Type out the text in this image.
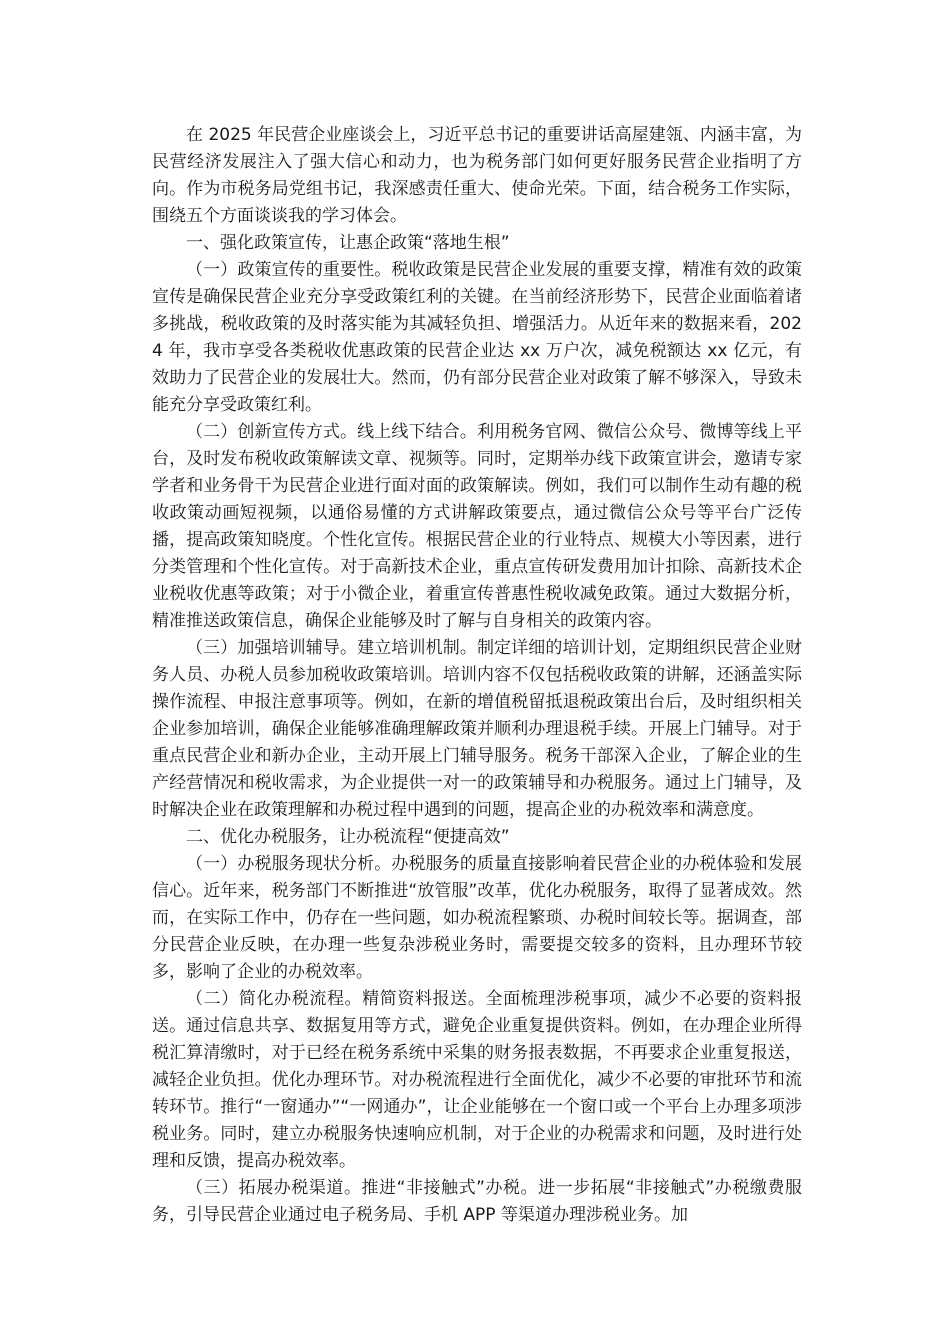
在 2025 年民营企业座谈会上，习近平总书记的重要讲话高屋建瓴、内涵丰富，为民营经济发展注入了强大信心和动力，也为税务部门如何更好服务民营企业指明了方向。作为市税务局党组书记，我深感责任重大、使命光荣。下面，结合税务工作实际，围绕五个方面谈谈我的学习体会。

一、强化政策宣传，让惠企政策“落地生根”

（一）政策宣传的重要性。税收政策是民营企业发展的重要支撑，精准有效的政策宣传是确保民营企业充分享受政策红利的关键。在当前经济形势下，民营企业面临着诸多挑战，税收政策的及时落实能为其减轻负担、增强活力。从近年来的数据来看，2024 年，我市享受各类税收优惠政策的民营企业达 xx 万户次，减免税额达 xx 亿元，有效助力了民营企业的发展壮大。然而，仍有部分民营企业对政策了解不够深入，导致未能充分享受政策红利。

（二）创新宣传方式。线上线下结合。利用税务官网、微信公众号、微博等线上平台，及时发布税收政策解读文章、视频等。同时，定期举办线下政策宣讲会，邀请专家学者和业务骨干为民营企业进行面对面的政策解读。例如，我们可以制作生动有趣的税收政策动画短视频，以通俗易懂的方式讲解政策要点，通过微信公众号等平台广泛传播，提高政策知晓度。个性化宣传。根据民营企业的行业特点、规模大小等因素，进行分类管理和个性化宣传。对于高新技术企业，重点宣传研发费用加计扣除、高新技术企业税收优惠等政策；对于小微企业，着重宣传普惠性税收减免政策。通过大数据分析，精准推送政策信息，确保企业能够及时了解与自身相关的政策内容。

（三）加强培训辅导。建立培训机制。制定详细的培训计划，定期组织民营企业财务人员、办税人员参加税收政策培训。培训内容不仅包括税收政策的讲解，还涵盖实际操作流程、申报注意事项等。例如，在新的增值税留抵退税政策出台后，及时组织相关企业参加培训，确保企业能够准确理解政策并顺利办理退税手续。开展上门辅导。对于重点民营企业和新办企业，主动开展上门辅导服务。税务干部深入企业，了解企业的生产经营情况和税收需求，为企业提供一对一的政策辅导和办税服务。通过上门辅导，及时解决企业在政策理解和办税过程中遇到的问题，提高企业的办税效率和满意度。

二、优化办税服务，让办税流程“便捷高效”

（一）办税服务现状分析。办税服务的质量直接影响着民营企业的办税体验和发展信心。近年来，税务部门不断推进“放管服”改革，优化办税服务，取得了显著成效。然而，在实际工作中，仍存在一些问题，如办税流程繁琐、办税时间较长等。据调查，部分民营企业反映，在办理一些复杂涉税业务时，需要提交较多的资料，且办理环节较多，影响了企业的办税效率。

（二）简化办税流程。精简资料报送。全面梳理涉税事项，减少不必要的资料报送。通过信息共享、数据复用等方式，避免企业重复提供资料。例如，在办理企业所得税汇算清缴时，对于已经在税务系统中采集的财务报表数据，不再要求企业重复报送，减轻企业负担。优化办理环节。对办税流程进行全面优化，减少不必要的审批环节和流转环节。推行“一窗通办”“一网通办”，让企业能够在一个窗口或一个平台上办理多项涉税业务。同时，建立办税服务快速响应机制，对于企业的办税需求和问题，及时进行处理和反馈，提高办税效率。

（三）拓展办税渠道。推进“非接触式”办税。进一步拓展“非接触式”办税缴费服务，引导民营企业通过电子税务局、手机 APP 等渠道办理涉税业务。加
